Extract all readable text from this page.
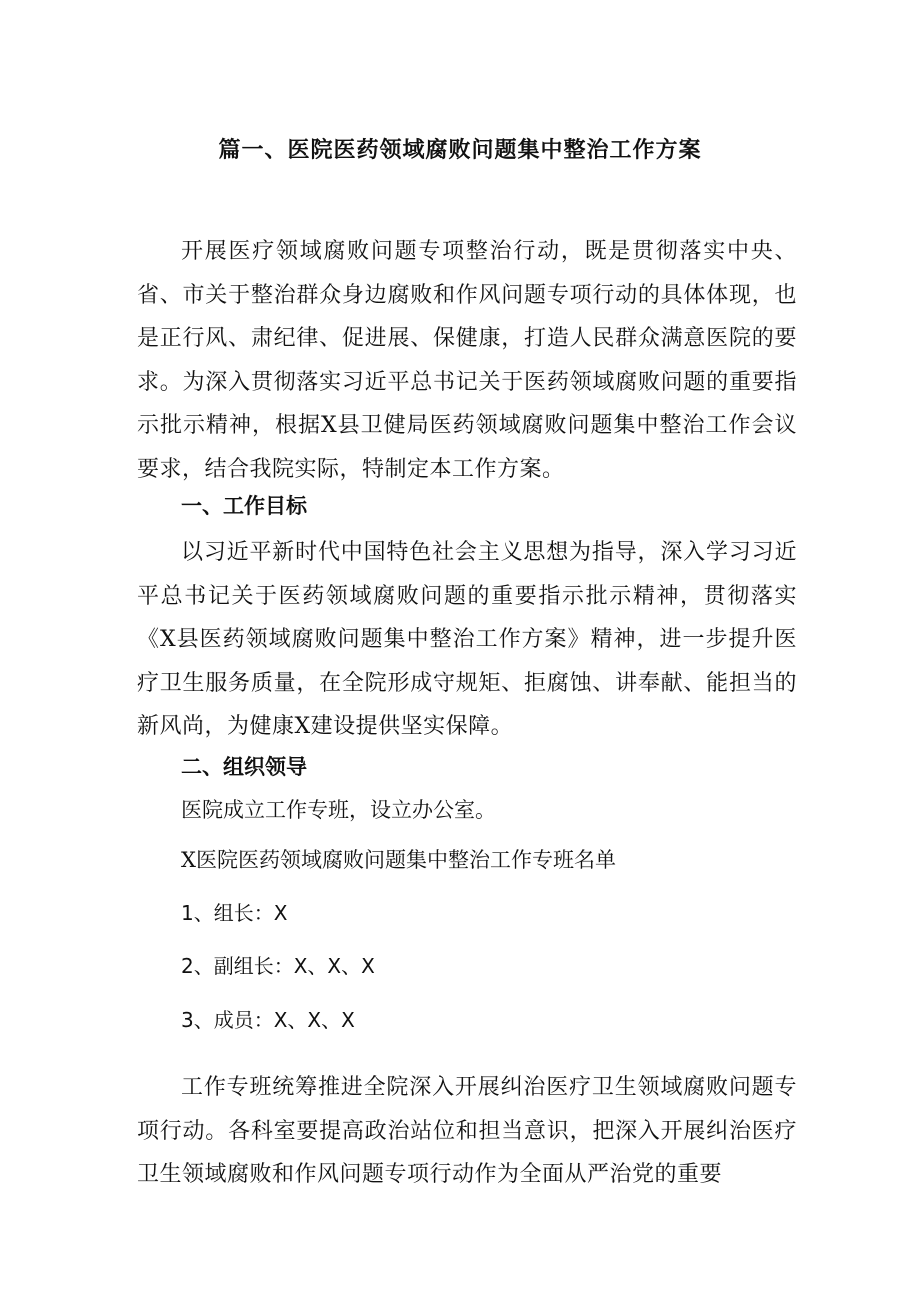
篇一、医院医药领域腐败问题集中整治工作方案
开展医疗领域腐败问题专项整治行动，既是贯彻落实中央、省、市关于整治群众身边腐败和作风问题专项行动的具体体现，也是正行风、肃纪律、促进展、保健康，打造人民群众满意医院的要求。为深入贯彻落实习近平总书记关于医药领域腐败问题的重要指示批示精神，根据X县卫健局医药领域腐败问题集中整治工作会议要求，结合我院实际，特制定本工作方案。
一、工作目标
以习近平新时代中国特色社会主义思想为指导，深入学习习近平总书记关于医药领域腐败问题的重要指示批示精神，贯彻落实《X县医药领域腐败问题集中整治工作方案》精神，进一步提升医疗卫生服务质量，在全院形成守规矩、拒腐蚀、讲奉献、能担当的新风尚，为健康X建设提供坚实保障。
二、组织领导
医院成立工作专班，设立办公室。
X医院医药领域腐败问题集中整治工作专班名单
1、组长：X
2、副组长：X、X、X
3、成员：X、X、X
工作专班统筹推进全院深入开展纠治医疗卫生领域腐败问题专项行动。各科室要提高政治站位和担当意识，把深入开展纠治医疗卫生领域腐败和作风问题专项行动作为全面从严治党的重要
